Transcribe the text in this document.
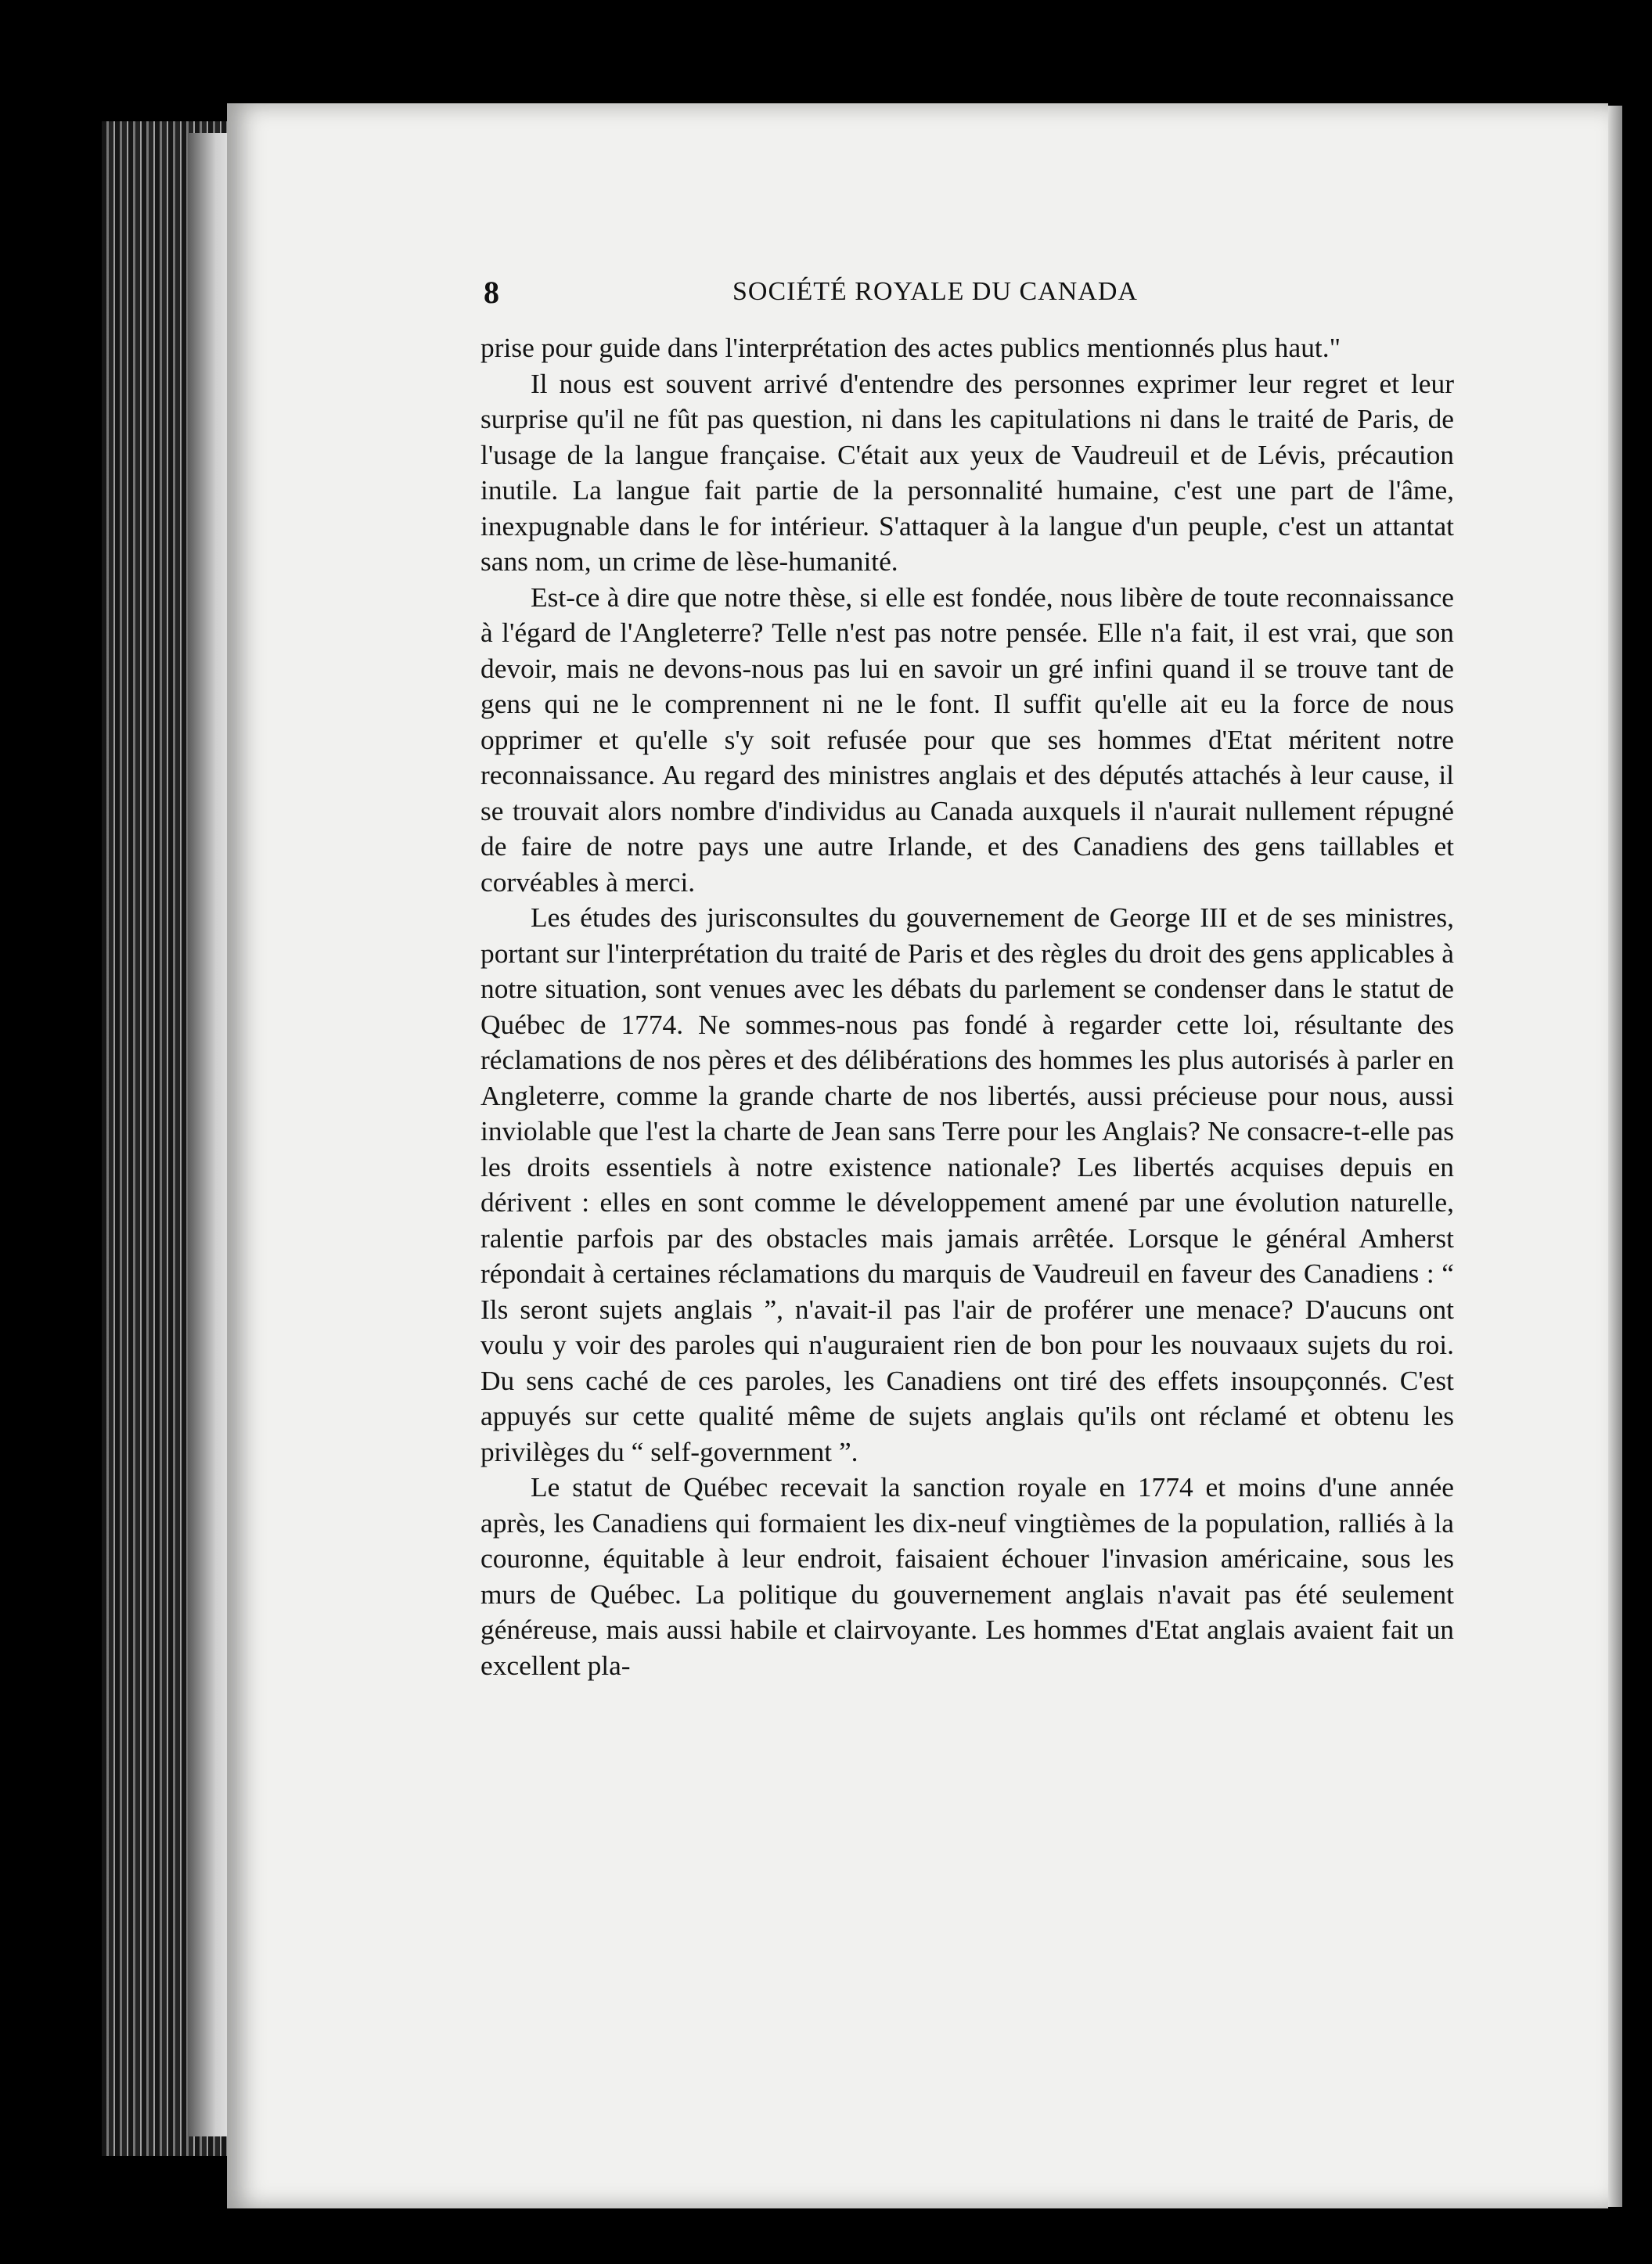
8	SOCIÉTÉ ROYALE DU CANADA

prise pour guide dans l'interprétation des actes publics mentionnés plus haut."

Il nous est souvent arrivé d'entendre des personnes exprimer leur regret et leur surprise qu'il ne fût pas question, ni dans les capitulations ni dans le traité de Paris, de l'usage de la langue française. C'était aux yeux de Vaudreuil et de Lévis, précaution inutile. La langue fait partie de la personnalité humaine, c'est une part de l'âme, inexpugnable dans le for intérieur. S'attaquer à la langue d'un peuple, c'est un attantat sans nom, un crime de lèse-humanité.

Est-ce à dire que notre thèse, si elle est fondée, nous libère de toute reconnaissance à l'égard de l'Angleterre? Telle n'est pas notre pensée. Elle n'a fait, il est vrai, que son devoir, mais ne devons-nous pas lui en savoir un gré infini quand il se trouve tant de gens qui ne le comprennent ni ne le font. Il suffit qu'elle ait eu la force de nous opprimer et qu'elle s'y soit refusée pour que ses hommes d'Etat méritent notre reconnaissance. Au regard des ministres anglais et des députés attachés à leur cause, il se trouvait alors nombre d'individus au Canada auxquels il n'aurait nullement répugné de faire de notre pays une autre Irlande, et des Canadiens des gens taillables et corvéables à merci.

Les études des jurisconsultes du gouvernement de George III et de ses ministres, portant sur l'interprétation du traité de Paris et des règles du droit des gens applicables à notre situation, sont venues avec les débats du parlement se condenser dans le statut de Québec de 1774. Ne sommes-nous pas fondé à regarder cette loi, résultante des réclamations de nos pères et des délibérations des hommes les plus autorisés à parler en Angleterre, comme la grande charte de nos libertés, aussi précieuse pour nous, aussi inviolable que l'est la charte de Jean sans Terre pour les Anglais? Ne consacre-t-elle pas les droits essentiels à notre existence nationale? Les libertés acquises depuis en dérivent : elles en sont comme le développement amené par une évolution naturelle, ralentie parfois par des obstacles mais jamais arrêtée. Lorsque le général Amherst répondait à certaines réclamations du marquis de Vaudreuil en faveur des Canadiens : “ Ils seront sujets anglais ”, n'avait-il pas l'air de proférer une menace? D'aucuns ont voulu y voir des paroles qui n'auguraient rien de bon pour les nouvaaux sujets du roi. Du sens caché de ces paroles, les Canadiens ont tiré des effets insoupçonnés. C'est appuyés sur cette qualité même de sujets anglais qu'ils ont réclamé et obtenu les privilèges du “ self-government ”.

Le statut de Québec recevait la sanction royale en 1774 et moins d'une année après, les Canadiens qui formaient les dix-neuf vingtièmes de la population, ralliés à la couronne, équitable à leur endroit, faisaient échouer l'invasion américaine, sous les murs de Québec. La politique du gouvernement anglais n'avait pas été seulement généreuse, mais aussi habile et clairvoyante. Les hommes d'Etat anglais avaient fait un excellent pla-
